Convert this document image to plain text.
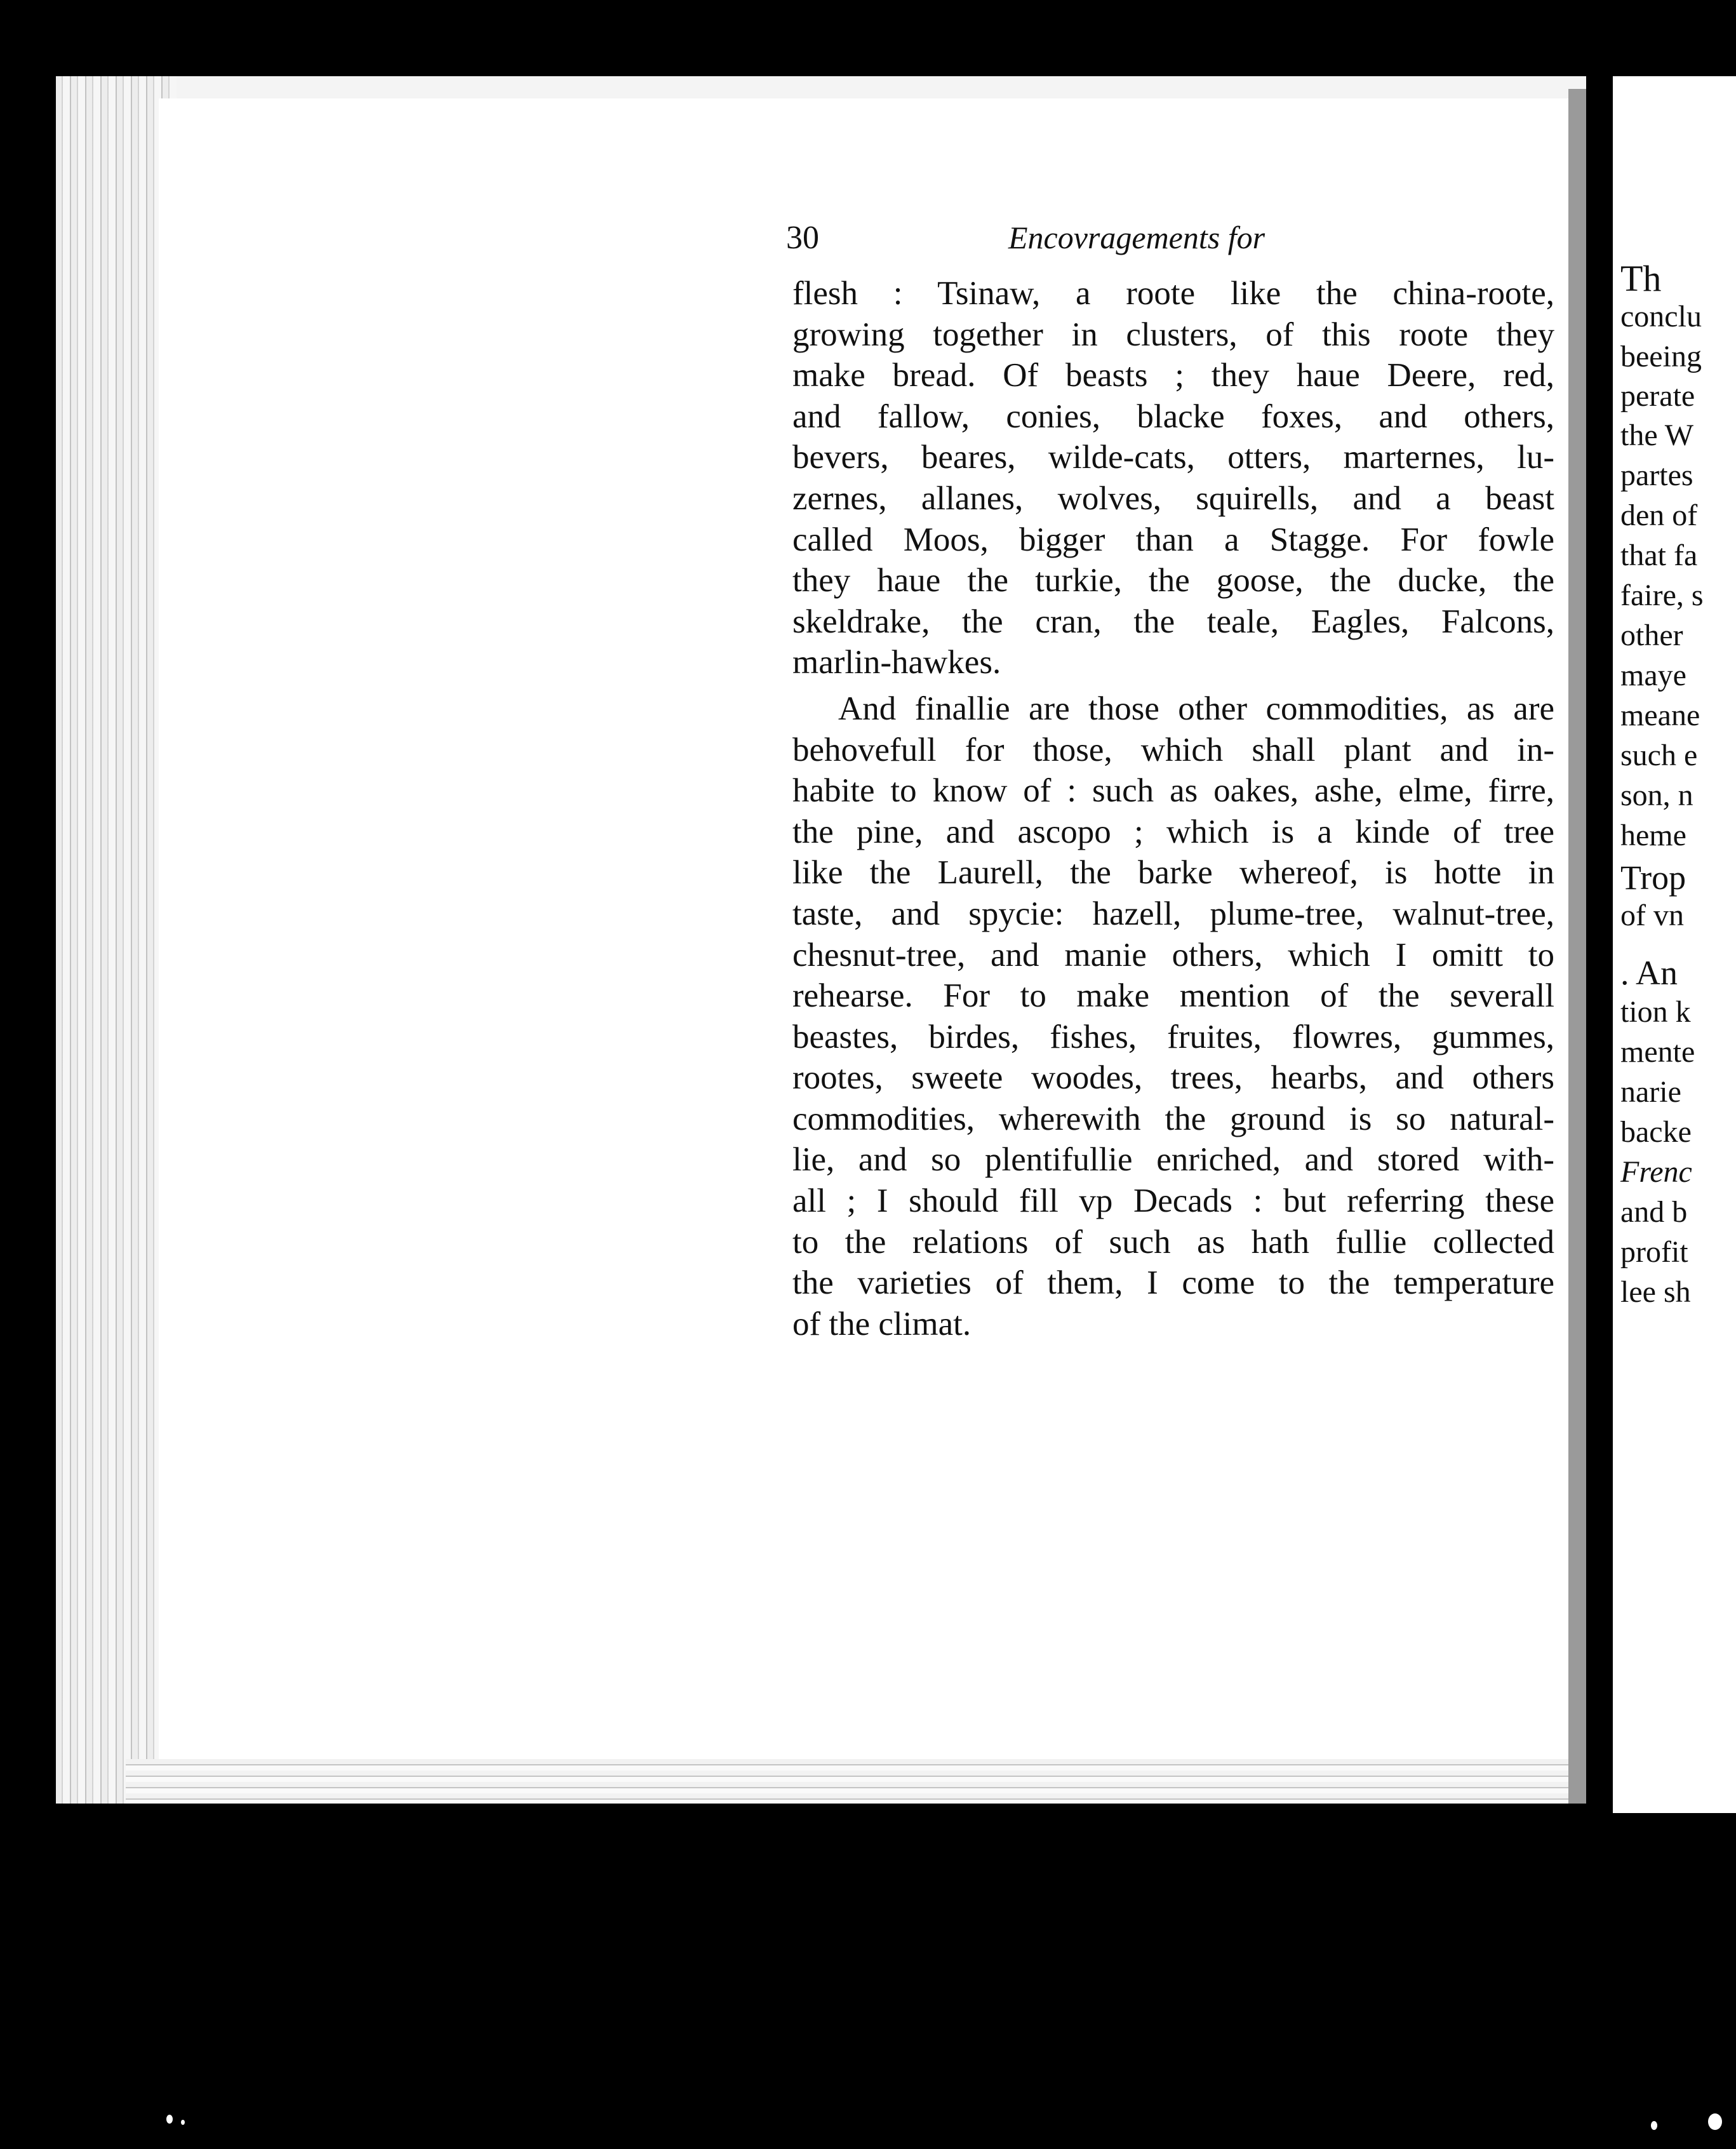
30	Encovragements for
flesh : Tsinaw, a roote like the china-roote,
growing together in clusters, of this roote they
make bread. Of beasts ; they haue Deere, red,
and fallow, conies, blacke foxes, and others,
bevers, beares, wilde-cats, otters, marternes, lu-
zernes, allanes, wolves, squirells, and a beast
called Moos, bigger than a Stagge. For fowle
they haue the turkie, the goose, the ducke, the
skeldrake, the cran, the teale, Eagles, Falcons,
marlin-hawkes.
And finallie are those other commodities, as are
behovefull for those, which shall plant and in-
habite to know of : such as oakes, ashe, elme, firre,
the pine, and ascopo ; which is a kinde of tree
like the Laurell, the barke whereof, is hotte in
taste, and spycie: hazell, plume-tree, walnut-tree,
chesnut-tree, and manie others, which I omitt to
rehearse. For to make mention of the severall
beastes, birdes, fishes, fruites, flowres, gummes,
rootes, sweete woodes, trees, hearbs, and others
commodities, wherewith the ground is so natural-
lie, and so plentifullie enriched, and stored with-
all ; I should fill vp Decads : but referring these
to the relations of such as hath fullie collected
the varieties of them, I come to the temperature
of the climat.
Th
conclu
beeing
perate
the W
partes
den of
that fa
faire, s
other
maye
meane
such e
son, n
heme
Trop
of vn
. An
tion k
mente
narie
backe
Frenc
and b
profit
lee sh
